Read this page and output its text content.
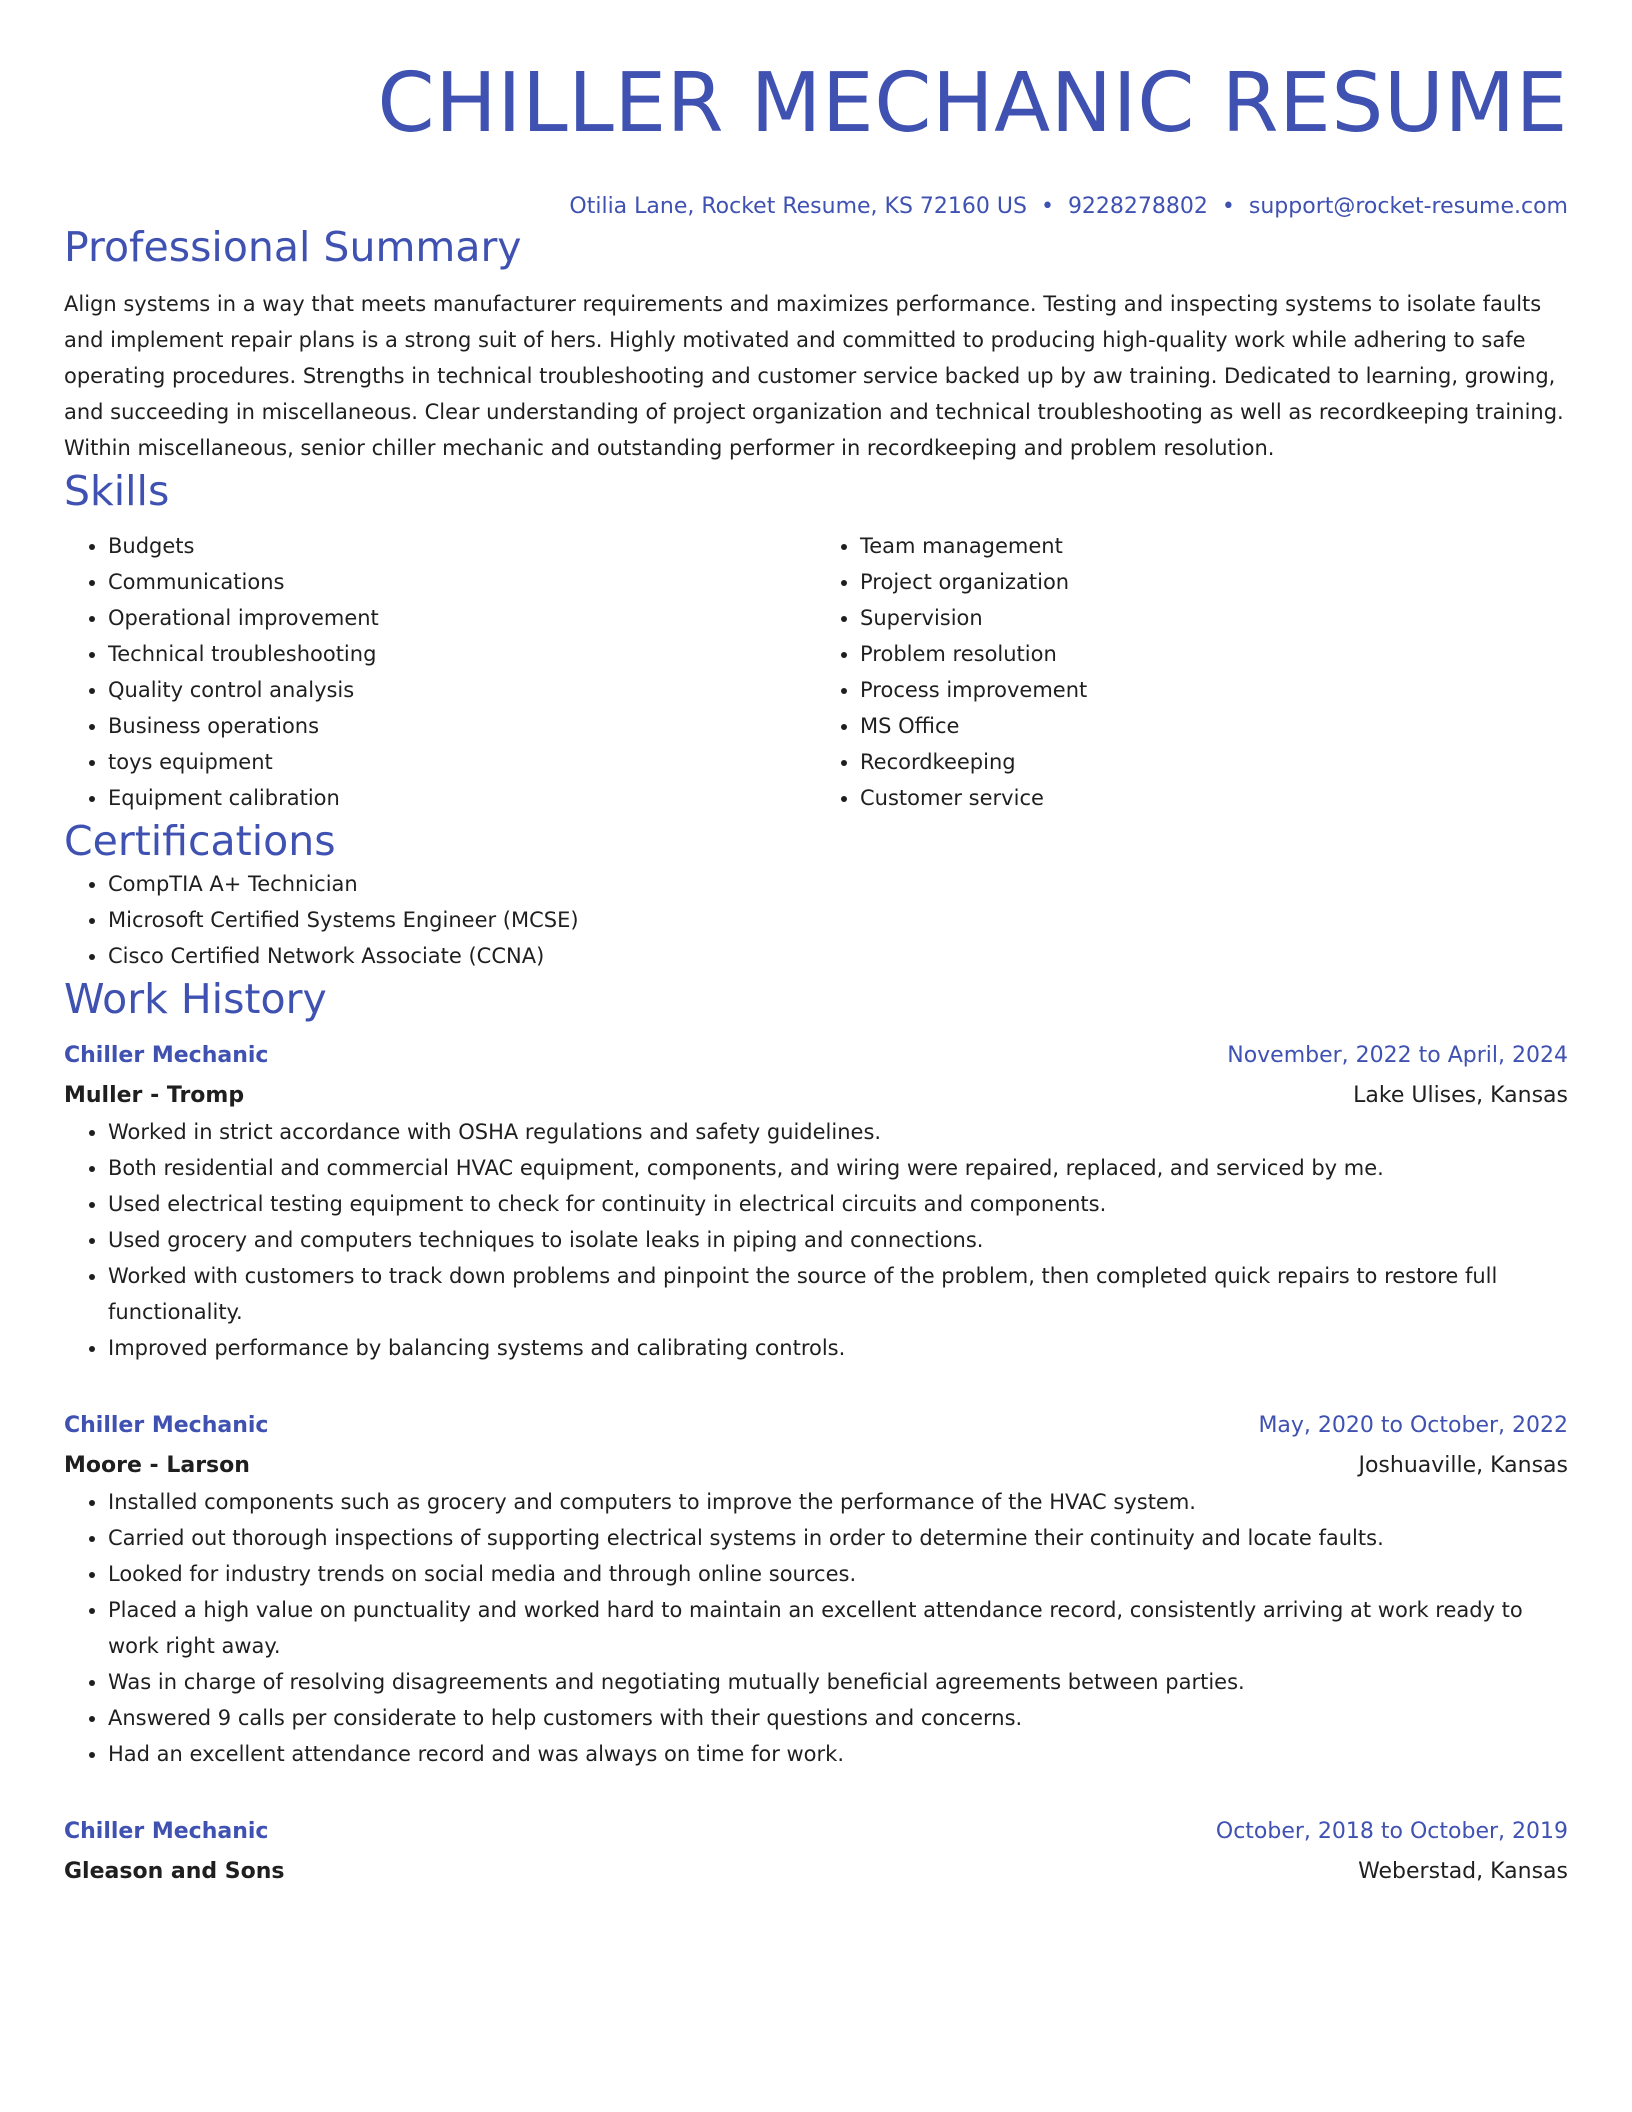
CHILLER MECHANIC RESUME
Otilia Lane, Rocket Resume, KS 72160 US • 9228278802 • support@rocket-resume.com
Professional Summary
Align systems in a way that meets manufacturer requirements and maximizes performance. Testing and inspecting systems to isolate faults and implement repair plans is a strong suit of hers. Highly motivated and committed to producing high-quality work while adhering to safe operating procedures. Strengths in technical troubleshooting and customer service backed up by aw training. Dedicated to learning, growing, and succeeding in miscellaneous. Clear understanding of project organization and technical troubleshooting as well as recordkeeping training. Within miscellaneous, senior chiller mechanic and outstanding performer in recordkeeping and problem resolution.
Skills
• Budgets
• Communications
• Operational improvement
• Technical troubleshooting
• Quality control analysis
• Business operations
• toys equipment
• Equipment calibration
• Team management
• Project organization
• Supervision
• Problem resolution
• Process improvement
• MS Office
• Recordkeeping
• Customer service
Certifications
• CompTIA A+ Technician
• Microsoft Certified Systems Engineer (MCSE)
• Cisco Certified Network Associate (CCNA)
Work History
Chiller Mechanic	November, 2022 to April, 2024
Muller - Tromp	Lake Ulises, Kansas
• Worked in strict accordance with OSHA regulations and safety guidelines.
• Both residential and commercial HVAC equipment, components, and wiring were repaired, replaced, and serviced by me.
• Used electrical testing equipment to check for continuity in electrical circuits and components.
• Used grocery and computers techniques to isolate leaks in piping and connections.
• Worked with customers to track down problems and pinpoint the source of the problem, then completed quick repairs to restore full functionality.
• Improved performance by balancing systems and calibrating controls.
Chiller Mechanic	May, 2020 to October, 2022
Moore - Larson	Joshuaville, Kansas
• Installed components such as grocery and computers to improve the performance of the HVAC system.
• Carried out thorough inspections of supporting electrical systems in order to determine their continuity and locate faults.
• Looked for industry trends on social media and through online sources.
• Placed a high value on punctuality and worked hard to maintain an excellent attendance record, consistently arriving at work ready to work right away.
• Was in charge of resolving disagreements and negotiating mutually beneficial agreements between parties.
• Answered 9 calls per considerate to help customers with their questions and concerns.
• Had an excellent attendance record and was always on time for work.
Chiller Mechanic	October, 2018 to October, 2019
Gleason and Sons	Weberstad, Kansas
